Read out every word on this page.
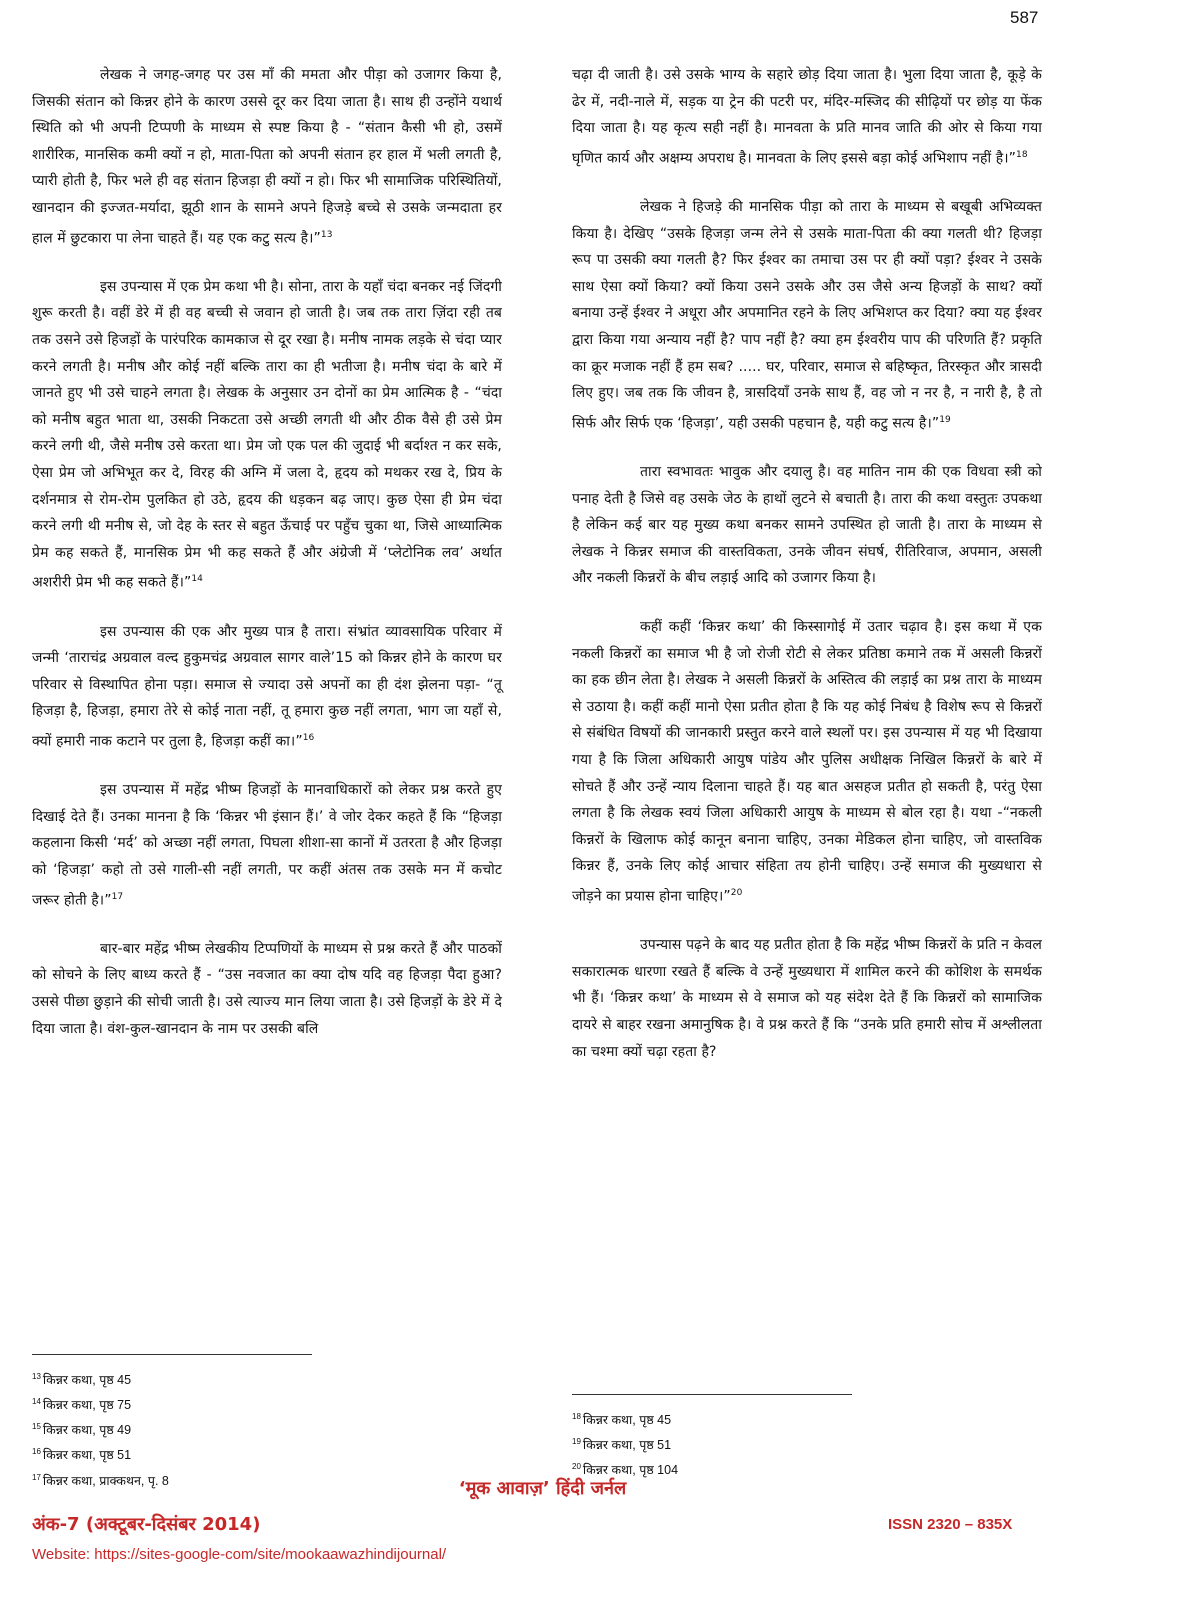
587

लेखक ने जगह-जगह पर उस माँ की ममता और पीड़ा को उजागर किया है, जिसकी संतान को किन्नर होने के कारण उससे दूर कर दिया जाता है। साथ ही उन्होंने यथार्थ स्थिति को भी अपनी टिप्पणी के माध्यम से स्पष्ट किया है - “संतान कैसी भी हो, उसमें शारीरिक, मानसिक कमी क्यों न हो, माता-पिता को अपनी संतान हर हाल में भली लगती है, प्यारी होती है, फिर भले ही वह संतान हिजड़ा ही क्यों न हो। फिर भी सामाजिक परिस्थितियों, खानदान की इज्जत-मर्यादा, झूठी शान के सामने अपने हिजड़े बच्चे से उसके जन्मदाता हर हाल में छुटकारा पा लेना चाहते हैं। यह एक कटु सत्य है।”$^{13}$

इस उपन्यास में एक प्रेम कथा भी है। सोना, तारा के यहाँ चंदा बनकर नई जिंदगी शुरू करती है। वहीं डेरे में ही वह बच्ची से जवान हो जाती है। जब तक तारा ज़िंदा रही तब तक उसने उसे हिजड़ों के पारंपरिक कामकाज से दूर रखा है। मनीष नामक लड़के से चंदा प्यार करने लगती है। मनीष और कोई नहीं बल्कि तारा का ही भतीजा है। मनीष चंदा के बारे में जानते हुए भी उसे चाहने लगता है। लेखक के अनुसार उन दोनों का प्रेम आत्मिक है - “चंदा को मनीष बहुत भाता था, उसकी निकटता उसे अच्छी लगती थी और ठीक वैसे ही उसे प्रेम करने लगी थी, जैसे मनीष उसे करता था। प्रेम जो एक पल की जुदाई भी बर्दाश्त न कर सके, ऐसा प्रेम जो अभिभूत कर दे, विरह की अग्नि में जला दे, हृदय को मथकर रख दे, प्रिय के दर्शनमात्र से रोम-रोम पुलकित हो उठे, हृदय की धड़कन बढ़ जाए। कुछ ऐसा ही प्रेम चंदा करने लगी थी मनीष से, जो देह के स्तर से बहुत ऊँचाई पर पहुँच चुका था, जिसे आध्यात्मिक प्रेम कह सकते हैं, मानसिक प्रेम भी कह सकते हैं और अंग्रेजी में ‘प्लेटोनिक लव’ अर्थात अशरीरी प्रेम भी कह सकते हैं।”$^{14}$

इस उपन्यास की एक और मुख्य पात्र है तारा। संभ्रांत व्यावसायिक परिवार में जन्मी ‘ताराचंद्र अग्रवाल वल्द हुकुमचंद्र अग्रवाल सागर वाले’15 को किन्नर होने के कारण घर परिवार से विस्थापित होना पड़ा। समाज से ज्यादा उसे अपनों का ही दंश झेलना पड़ा- “तू हिजड़ा है, हिजड़ा, हमारा तेरे से कोई नाता नहीं, तू हमारा कुछ नहीं लगता, भाग जा यहाँ से, क्यों हमारी नाक कटाने पर तुला है, हिजड़ा कहीं का।”$^{16}$

इस उपन्यास में महेंद्र भीष्म हिजड़ों के मानवाधिकारों को लेकर प्रश्न करते हुए दिखाई देते हैं। उनका मानना है कि ‘किन्नर भी इंसान हैं।’ वे जोर देकर कहते हैं कि “हिजड़ा कहलाना किसी ‘मर्द’ को अच्छा नहीं लगता, पिघला शीशा-सा कानों में उतरता है और हिजड़ा को ‘हिजड़ा’ कहो तो उसे गाली-सी नहीं लगती, पर कहीं अंतस तक उसके मन में कचोट जरूर होती है।”$^{17}$

बार-बार महेंद्र भीष्म लेखकीय टिप्पणियों के माध्यम से प्रश्न करते हैं और पाठकों को सोचने के लिए बाध्य करते हैं - “उस नवजात का क्या दोष यदि वह हिजड़ा पैदा हुआ? उससे पीछा छुड़ाने की सोची जाती है। उसे त्याज्य मान लिया जाता है। उसे हिजड़ों के डेरे में दे दिया जाता है। वंश-कुल-खानदान के नाम पर उसकी बलि

चढ़ा दी जाती है। उसे उसके भाग्य के सहारे छोड़ दिया जाता है। भुला दिया जाता है, कूड़े के ढेर में, नदी-नाले में, सड़क या ट्रेन की पटरी पर, मंदिर-मस्जिद की सीढ़ियों पर छोड़ या फेंक दिया जाता है। यह कृत्य सही नहीं है। मानवता के प्रति मानव जाति की ओर से किया गया घृणित कार्य और अक्षम्य अपराध है। मानवता के लिए इससे बड़ा कोई अभिशाप नहीं है।”$^{18}$

लेखक ने हिजड़े की मानसिक पीड़ा को तारा के माध्यम से बखूबी अभिव्यक्त किया है। देखिए “उसके हिजड़ा जन्म लेने से उसके माता-पिता की क्या गलती थी? हिजड़ा रूप पा उसकी क्या गलती है? फिर ईश्वर का तमाचा उस पर ही क्यों पड़ा? ईश्वर ने उसके साथ ऐसा क्यों किया? क्यों किया उसने उसके और उस जैसे अन्य हिजड़ों के साथ? क्यों बनाया उन्हें ईश्वर ने अधूरा और अपमानित रहने के लिए अभिशप्त कर दिया? क्या यह ईश्वर द्वारा किया गया अन्याय नहीं है? पाप नहीं है? क्या हम ईश्वरीय पाप की परिणति हैं? प्रकृति का क्रूर मजाक नहीं हैं हम सब? ..... घर, परिवार, समाज से बहिष्कृत, तिरस्कृत और त्रासदी लिए हुए। जब तक कि जीवन है, त्रासदियाँ उनके साथ हैं, वह जो न नर है, न नारी है, है तो सिर्फ और सिर्फ एक ‘हिजड़ा’, यही उसकी पहचान है, यही कटु सत्य है।”$^{19}$

तारा स्वभावतः भावुक और दयालु है। वह मातिन नाम की एक विधवा स्त्री को पनाह देती है जिसे वह उसके जेठ के हाथों लुटने से बचाती है। तारा की कथा वस्तुतः उपकथा है लेकिन कई बार यह मुख्य कथा बनकर सामने उपस्थित हो जाती है। तारा के माध्यम से लेखक ने किन्नर समाज की वास्तविकता, उनके जीवन संघर्ष, रीतिरिवाज, अपमान, असली और नकली किन्नरों के बीच लड़ाई आदि को उजागर किया है।

कहीं कहीं ‘किन्नर कथा’ की किस्सागोई में उतार चढ़ाव है। इस कथा में एक नकली किन्नरों का समाज भी है जो रोजी रोटी से लेकर प्रतिष्ठा कमाने तक में असली किन्नरों का हक छीन लेता है। लेखक ने असली किन्नरों के अस्तित्व की लड़ाई का प्रश्न तारा के माध्यम से उठाया है। कहीं कहीं मानो ऐसा प्रतीत होता है कि यह कोई निबंध है विशेष रूप से किन्नरों से संबंधित विषयों की जानकारी प्रस्तुत करने वाले स्थलों पर। इस उपन्यास में यह भी दिखाया गया है कि जिला अधिकारी आयुष पांडेय और पुलिस अधीक्षक निखिल किन्नरों के बारे में सोचते हैं और उन्हें न्याय दिलाना चाहते हैं। यह बात असहज प्रतीत हो सकती है, परंतु ऐसा लगता है कि लेखक स्वयं जिला अधिकारी आयुष के माध्यम से बोल रहा है। यथा -“नकली किन्नरों के खिलाफ कोई कानून बनाना चाहिए, उनका मेडिकल होना चाहिए, जो वास्तविक किन्नर हैं, उनके लिए कोई आचार संहिता तय होनी चाहिए। उन्हें समाज की मुख्यधारा से जोड़ने का प्रयास होना चाहिए।”$^{20}$

उपन्यास पढ़ने के बाद यह प्रतीत होता है कि महेंद्र भीष्म किन्नरों के प्रति न केवल सकारात्मक धारणा रखते हैं बल्कि वे उन्हें मुख्यधारा में शामिल करने की कोशिश के समर्थक भी हैं। ‘किन्नर कथा’ के माध्यम से वे समाज को यह संदेश देते हैं कि किन्नरों को सामाजिक दायरे से बाहर रखना अमानुषिक है। वे प्रश्न करते हैं कि “उनके प्रति हमारी सोच में अश्लीलता का चश्मा क्यों चढ़ा रहता है?

$^{13}$ किन्नर कथा, पृष्ठ 45
$^{14}$ किन्नर कथा, पृष्ठ 75
$^{15}$ किन्नर कथा, पृष्ठ 49
$^{16}$ किन्नर कथा, पृष्ठ 51
$^{17}$ किन्नर कथा, प्राक्कथन, पृ. 8
$^{18}$ किन्नर कथा, पृष्ठ 45
$^{19}$ किन्नर कथा, पृष्ठ 51
$^{20}$ किन्नर कथा, पृष्ठ 104
‘मूक आवाज़’ हिंदी जर्नल
अंक-7 (अक्टूबर-दिसंबर 2014)	ISSN 2320 – 835X
Website: https://sites-google-com/site/mookaawazhindijournal/
